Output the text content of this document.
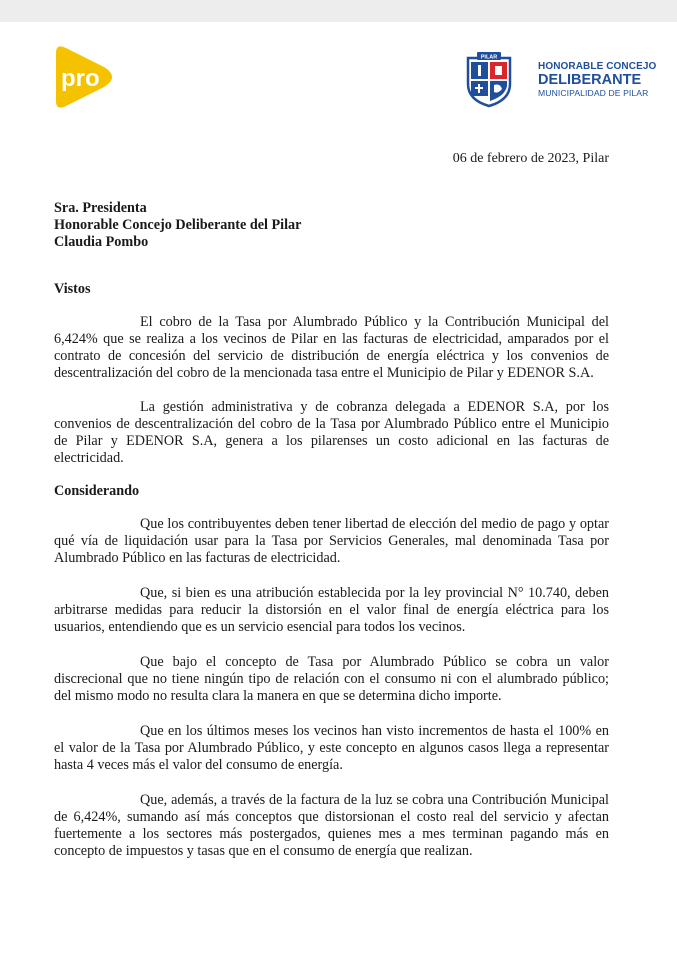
pro
PILAR
HONORABLE CONCEJO
DELIBERANTE
MUNICIPALIDAD DE PILAR
06 de febrero de 2023, Pilar
Sra. Presidenta
Honorable Concejo Deliberante del Pilar
Claudia Pombo

Vistos

El cobro de la Tasa por Alumbrado Público y la Contribución Municipal del 6,424% que se realiza a los vecinos de Pilar en las facturas de electricidad, amparados por el contrato de concesión del servicio de distribución de energía eléctrica y los convenios de descentralización del cobro de la mencionada tasa entre el Municipio de Pilar y EDENOR S.A.

La gestión administrativa y de cobranza delegada a EDENOR S.A, por los convenios de descentralización del cobro de la Tasa por Alumbrado Público entre el Municipio de Pilar y EDENOR S.A, genera a los pilarenses un costo adicional en las facturas de electricidad.

Considerando

Que los contribuyentes deben tener libertad de elección del medio de pago y optar qué vía de liquidación usar para la Tasa por Servicios Generales, mal denominada Tasa por Alumbrado Público en las facturas de electricidad.

Que, si bien es una atribución establecida por la ley provincial N° 10.740, deben arbitrarse medidas para reducir la distorsión en el valor final de energía eléctrica para los usuarios, entendiendo que es un servicio esencial para todos los vecinos.

Que bajo el concepto de Tasa por Alumbrado Público se cobra un valor discrecional que no tiene ningún tipo de relación con el consumo ni con el alumbrado público; del mismo modo no resulta clara la manera en que se determina dicho importe.

Que en los últimos meses los vecinos han visto incrementos de hasta el 100% en el valor de la Tasa por Alumbrado Público, y este concepto en algunos casos llega a representar hasta 4 veces más el valor del consumo de energía.

Que, además, a través de la factura de la luz se cobra una Contribución Municipal de 6,424%, sumando así más conceptos que distorsionan el costo real del servicio y afectan fuertemente a los sectores más postergados, quienes mes a mes terminan pagando más en concepto de impuestos y tasas que en el consumo de energía que realizan.
